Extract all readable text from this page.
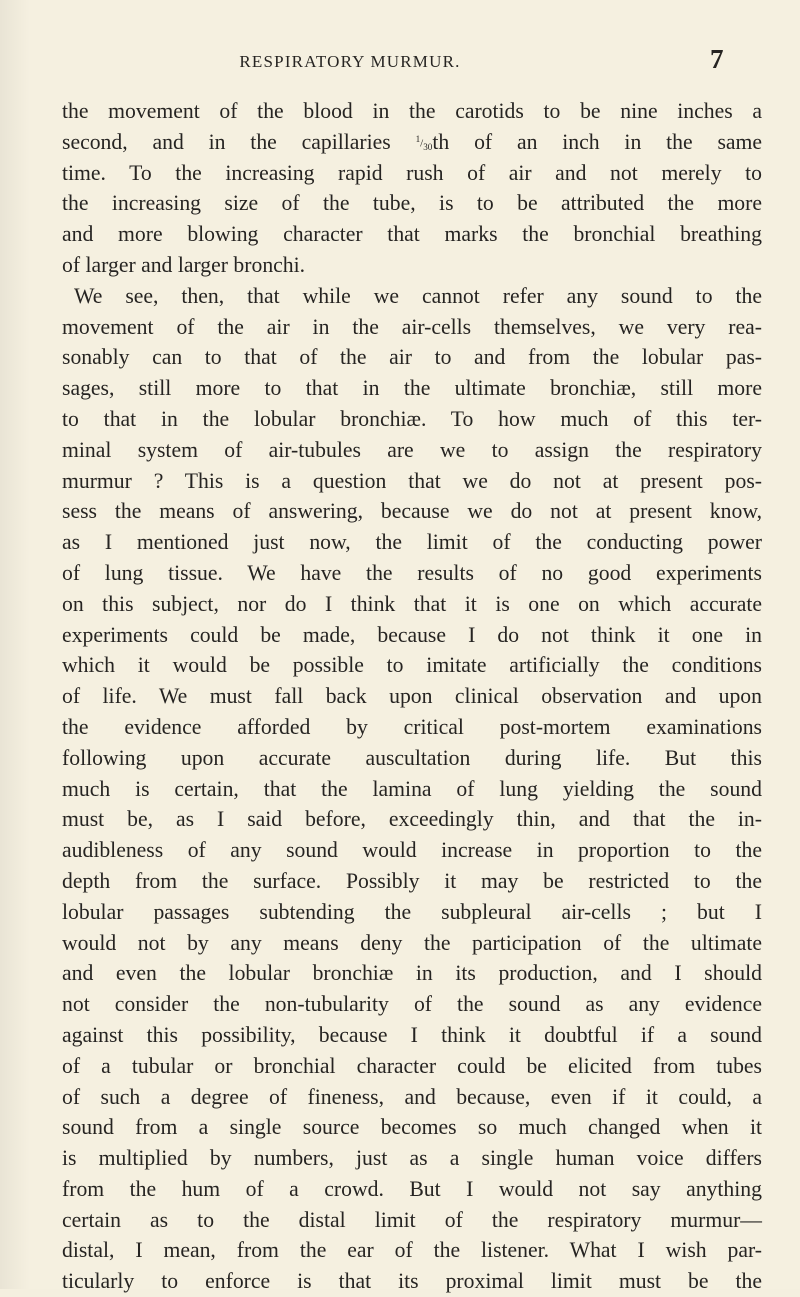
RESPIRATORY MURMUR.	7
the movement of the blood in the carotids to be nine inches a
second, and in the capillaries	$^1/_{30}th$ of an inch in the same
time. To the increasing rapid rush of air and not merely to
the increasing size of the tube, is to be attributed the more
and more blowing character that marks the bronchial breathing
of larger and larger bronchi.
We see, then, that while we cannot refer any sound to the
movement of the air in the air-cells themselves, we very rea-
sonably can to that of the air to and from the lobular pas-
sages, still more to that in the ultimate bronchiæ, still more
to that in the lobular bronchiæ. To how much of this ter-
minal system of air-tubules are we to assign the respiratory
murmur ? This is a question that we do not at present pos-
sess the means of answering, because we do not at present know,
as I mentioned just now, the limit of the conducting power
of lung tissue. We have the results of no good experiments
on this subject, nor do I think that it is one on which accurate
experiments could be made, because I do not think it one in
which it would be possible to imitate artificially the conditions
of life. We must fall back upon clinical observation and upon
the evidence afforded by critical post-mortem examinations
following upon accurate auscultation during life. But this
much is certain, that the lamina of lung yielding the sound
must be, as I said before, exceedingly thin, and that the in-
audibleness of any sound would increase in proportion to the
depth from the surface. Possibly it may be restricted to the
lobular passages subtending the subpleural air-cells ; but I
would not by any means deny the participation of the ultimate
and even the lobular bronchiæ in its production, and I should
not consider the non-tubularity of the sound as any evidence
against this possibility, because I think it doubtful if a sound
of a tubular or bronchial character could be elicited from tubes
of such a degree of fineness, and because, even if it could, a
sound from a single source becomes so much changed when it
is multiplied by numbers, just as a single human voice differs
from the hum of a crowd. But I would not say anything
certain as to the distal limit of the respiratory murmur—
distal, I mean, from the ear of the listener. What I wish par-
ticularly to enforce is that its proximal limit must be the
